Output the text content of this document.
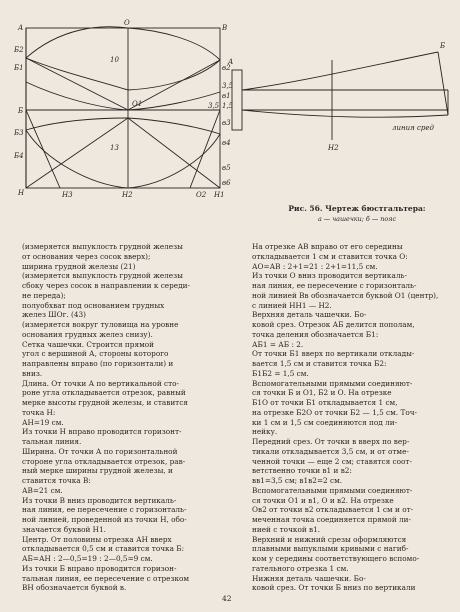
А
Б
В
О
Н	Н1
Н2
Н3
О1
О2
Б1
Б2
Б3
Б4
в1
в2
в3
в4
в5
в6
10
13
3,5
А
Б
Н2
3,5
1,5
линия сред
Рис. 56. Чертеж бюстгальтера:
а — чашечки; б — пояс

(измеряется выпуклость грудной железы

от основания через сосок вверх);

ширина грудной железы (21)

(измеряется выпуклость грудной железы

сбоку через сосок в направлении к середи-

не переда);

полуобхват под основанием грудных

желез ШОг. (43)

(измеряется вокруг туловища на уровне

основания грудных желез снизу).

Сетка чашечки. Строится прямой

угол с вершиной А, стороны которого

направлены вправо (по горизонтали) и

вниз.

Длина. От точки А по вертикальной сто-

роне угла откладывается отрезок, равный

мерке высоты грудной железы, и ставится

точка Н:

АН=19 см.

Из точки Н вправо проводится горизонт-

тальная линия.

Ширина. От точки А по горизонтальной

стороне угла откладывается отрезок, рав-

ный мерке ширины грудной железы, и

ставится точка В:

АВ=21 см.

Из точки В вниз проводится вертикаль-

ная линия, ее пересечение с горизонталь-

ной линией, проведенной из точки Н, обо-

значается буквой Н1.

Центр. От половины отрезка АН вверх

откладывается 0,5 см и ставится точка Б:

АБ=АН : 2—0,5=19 : 2—0,5=9 см.

Из точки Б вправо проводится горизон-

тальная линия, ее пересечение с отрезком

ВН обозначается буквой в.

На отрезке АВ вправо от его середины

откладывается 1 см и ставится точка О:

АО=АВ : 2+1=21 : 2+1=11,5 см.

Из точки О вниз проводится вертикаль-

ная линия, ее пересечение с горизонталь-

ной линией Вв обозначается буквой О1 (центр),

с линией НН1 — Н2.

Верхняя деталь чашечки. Бо-

ковой срез. Отрезок АБ делится пополам,

точка деления обозначается Б1:

АБ1 = АБ : 2.

От точки Б1 вверх по вертикали отклады-

вается 1,5 см и ставится точка Б2:

Б1Б2 = 1,5 см.

Вспомогательными прямыми соединяют-

ся точки Б и О1, Б2 и О. На отрезке

Б1О от точки Б1 откладывается 1 см,

на отрезке Б2О от точки Б2 — 1,5 см. Точ-

ки 1 см и 1,5 см соединяются под ли-

нейку.

Передний срез. От точки в вверх по вер-

тикали откладывается 3,5 см, и от отме-

ченной точки — еще 2 см; ставятся соот-

ветственно точки в1 и в2:

вв1=3,5 см; в1в2=2 см.

Вспомогательными прямыми соединяют-

ся точки О1 и в1, О и в2. На отрезке

Ов2 от точки в2 откладывается 1 см и от-

меченная точка соединяется прямой ли-

нией с точкой в1.

Верхний и нижний срезы оформляются

плавными выпуклыми кривыми с нагиб-

ком у середины соответствующего вспомо-

гательного отрезка 1 см.

Нижняя деталь чашечки. Бо-

ковой срез. От точки Б вниз по вертикали

42
